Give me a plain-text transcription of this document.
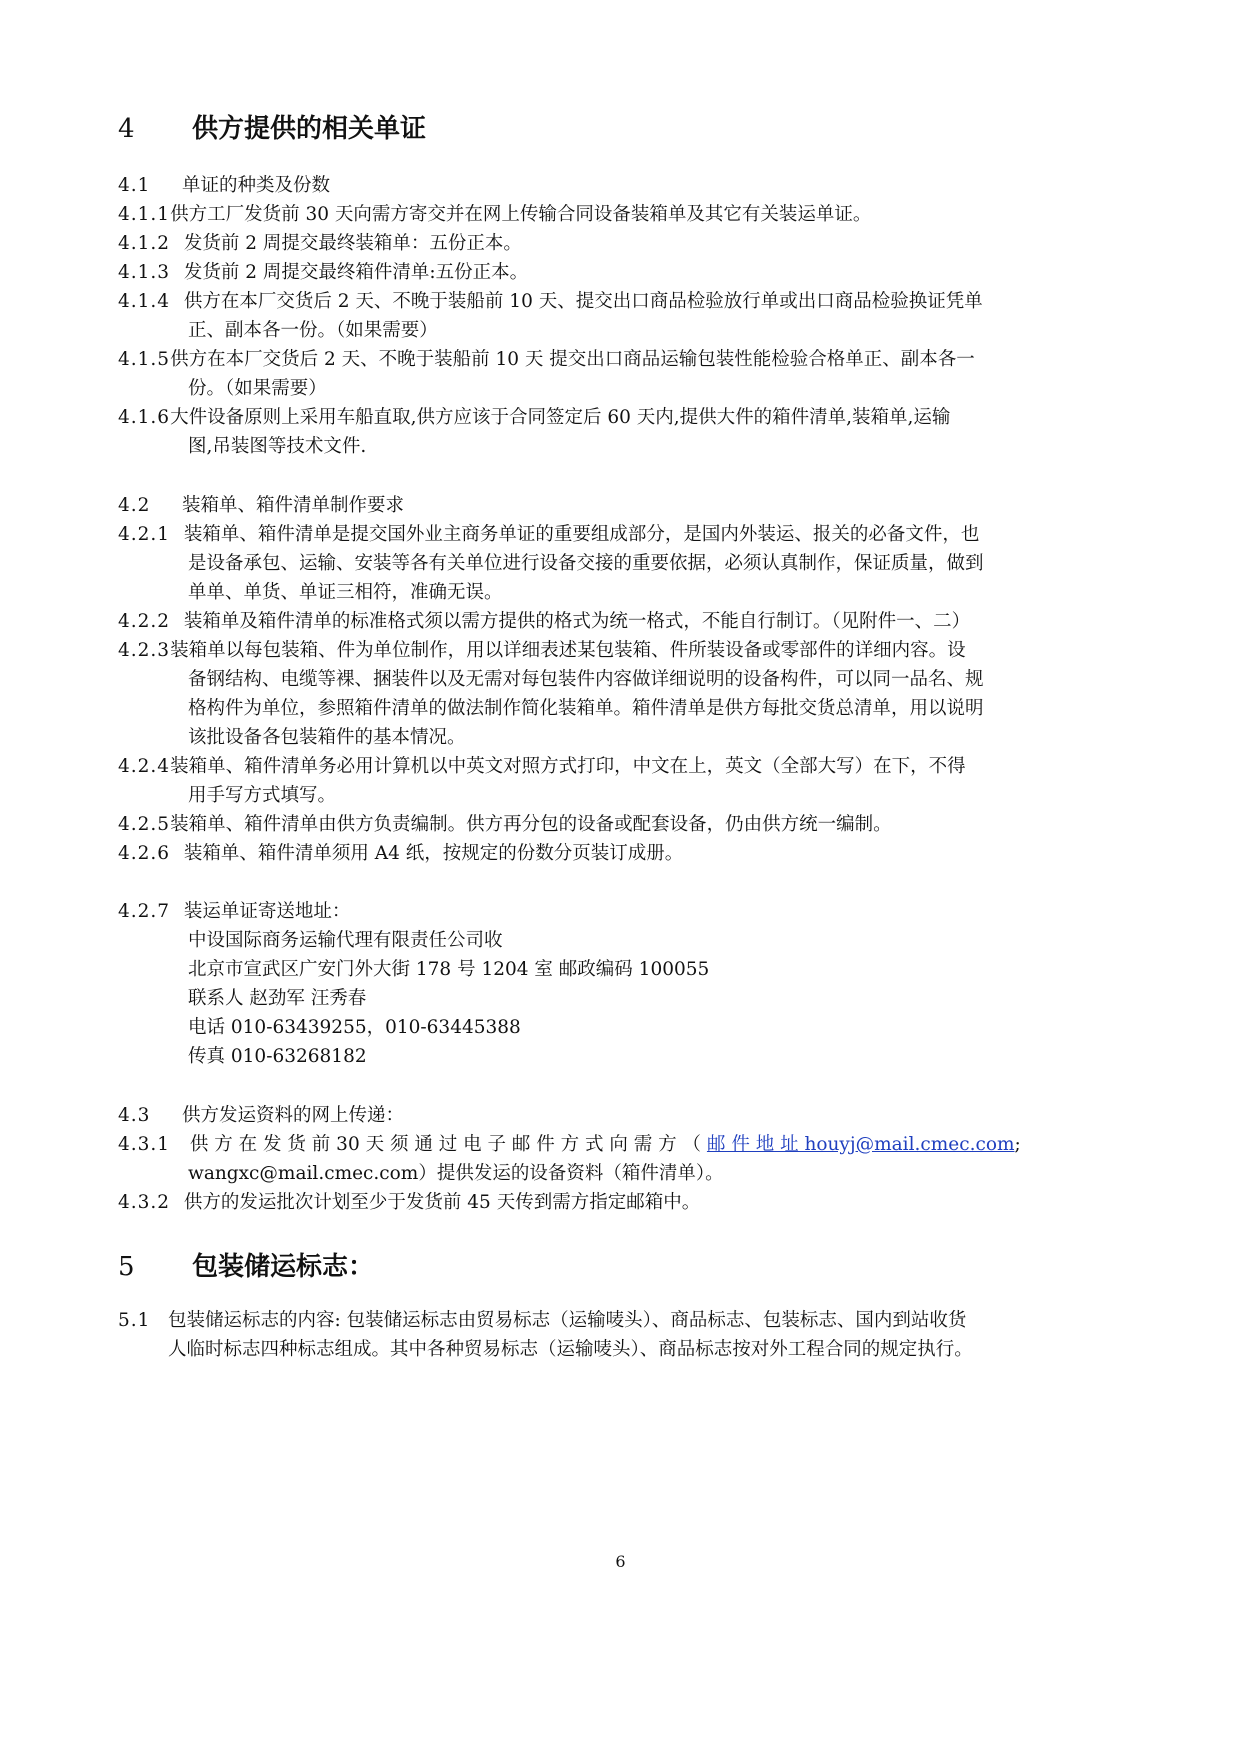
4 供方提供的相关单证
4.1 单证的种类及份数
4.1.1供方工厂发货前 30 天向需方寄交并在网上传输合同设备装箱单及其它有关装运单证。
4.1.2 发货前 2 周提交最终装箱单：五份正本。
4.1.3 发货前 2 周提交最终箱件清单:五份正本。
4.1.4 供方在本厂交货后 2 天、不晚于装船前 10 天、提交出口商品检验放行单或出口商品检验换证凭单
正、副本各一份。（如果需要）
4.1.5供方在本厂交货后 2 天、不晚于装船前 10 天 提交出口商品运输包装性能检验合格单正、副本各一
份。（如果需要）
4.1.6大件设备原则上采用车船直取,供方应该于合同签定后 60 天内,提供大件的箱件清单,装箱单,运输
图,吊装图等技术文件.
4.2 装箱单、箱件清单制作要求
4.2.1 装箱单、箱件清单是提交国外业主商务单证的重要组成部分，是国内外装运、报关的必备文件，也
是设备承包、运输、安装等各有关单位进行设备交接的重要依据，必须认真制作，保证质量，做到
单单、单货、单证三相符，准确无误。
4.2.2 装箱单及箱件清单的标准格式须以需方提供的格式为统一格式，不能自行制订。（见附件一、二）
4.2.3装箱单以每包装箱、件为单位制作，用以详细表述某包装箱、件所装设备或零部件的详细内容。设
备钢结构、电缆等裸、捆装件以及无需对每包装件内容做详细说明的设备构件，可以同一品名、规
格构件为单位，参照箱件清单的做法制作简化装箱单。箱件清单是供方每批交货总清单，用以说明
该批设备各包装箱件的基本情况。
4.2.4装箱单、箱件清单务必用计算机以中英文对照方式打印，中文在上，英文（全部大写）在下，不得
用手写方式填写。
4.2.5装箱单、箱件清单由供方负责编制。供方再分包的设备或配套设备，仍由供方统一编制。
4.2.6 装箱单、箱件清单须用 A4 纸，按规定的份数分页装订成册。
4.2.7 装运单证寄送地址：
中设国际商务运输代理有限责任公司收
北京市宣武区广安门外大街 178 号 1204 室 邮政编码 100055
联系人 赵劲军 汪秀春
电话 010-63439255，010-63445388
传真 010-63268182
4.3 供方发运资料的网上传递：
4.3.1 供 方 在 发 货 前 30 天 须 通 过 电 子 邮 件 方 式 向 需 方 （ 邮 件 地 址 houyj@mail.cmec.com;
wangxc@mail.cmec.com）提供发运的设备资料（箱件清单）。
4.3.2 供方的发运批次计划至少于发货前 45 天传到需方指定邮箱中。
5 包装储运标志：
5.1 包装储运标志的内容: 包装储运标志由贸易标志（运输唛头）、商品标志、包装标志、国内到站收货
人临时标志四种标志组成。其中各种贸易标志（运输唛头）、商品标志按对外工程合同的规定执行。
6
